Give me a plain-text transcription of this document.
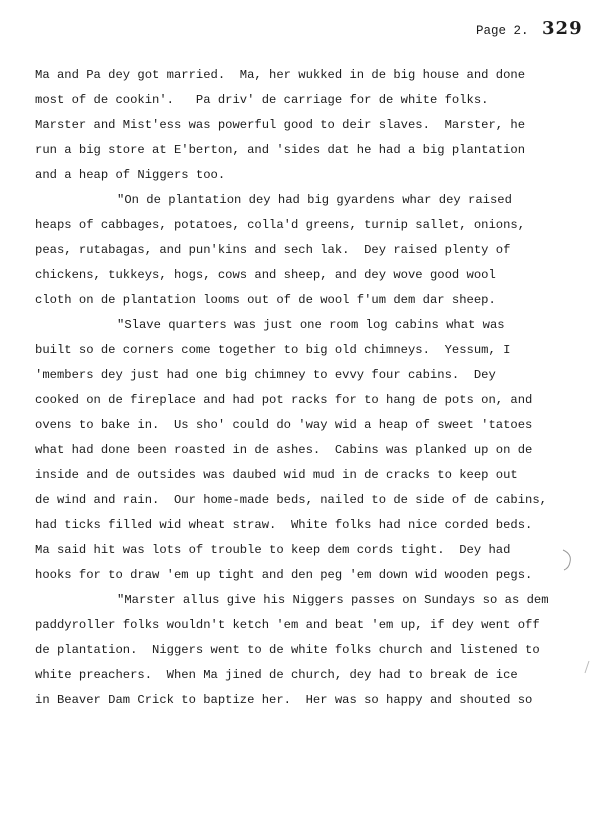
Page 2. 329
Ma and Pa dey got married.  Ma, her wukked in de big house and done
most of de cookin'.   Pa driv' de carriage for de white folks.
Marster and Mist'ess was powerful good to deir slaves.  Marster, he
run a big store at E'berton, and 'sides dat he had a big plantation
and a heap of Niggers too.
"On de plantation dey had big gyardens whar dey raised
heaps of cabbages, potatoes, colla'd greens, turnip sallet, onions,
peas, rutabagas, and pun'kins and sech lak.  Dey raised plenty of
chickens, tukkeys, hogs, cows and sheep, and dey wove good wool
cloth on de plantation looms out of de wool f'um dem dar sheep.
"Slave quarters was just one room log cabins what was
built so de corners come together to big old chimneys.  Yessum, I
'members dey just had one big chimney to evvy four cabins.  Dey
cooked on de fireplace and had pot racks for to hang de pots on, and
ovens to bake in.  Us sho' could do 'way wid a heap of sweet 'tatoes
what had done been roasted in de ashes.  Cabins was planked up on de
inside and de outsides was daubed wid mud in de cracks to keep out
de wind and rain.  Our home-made beds, nailed to de side of de cabins,
had ticks filled wid wheat straw.  White folks had nice corded beds.
Ma said hit was lots of trouble to keep dem cords tight.  Dey had
hooks for to draw 'em up tight and den peg 'em down wid wooden pegs.
"Marster allus give his Niggers passes on Sundays so as dem
paddyroller folks wouldn't ketch 'em and beat 'em up, if dey went off
de plantation.  Niggers went to de white folks church and listened to
white preachers.  When Ma jined de church, dey had to break de ice
in Beaver Dam Crick to baptize her.  Her was so happy and shouted so
